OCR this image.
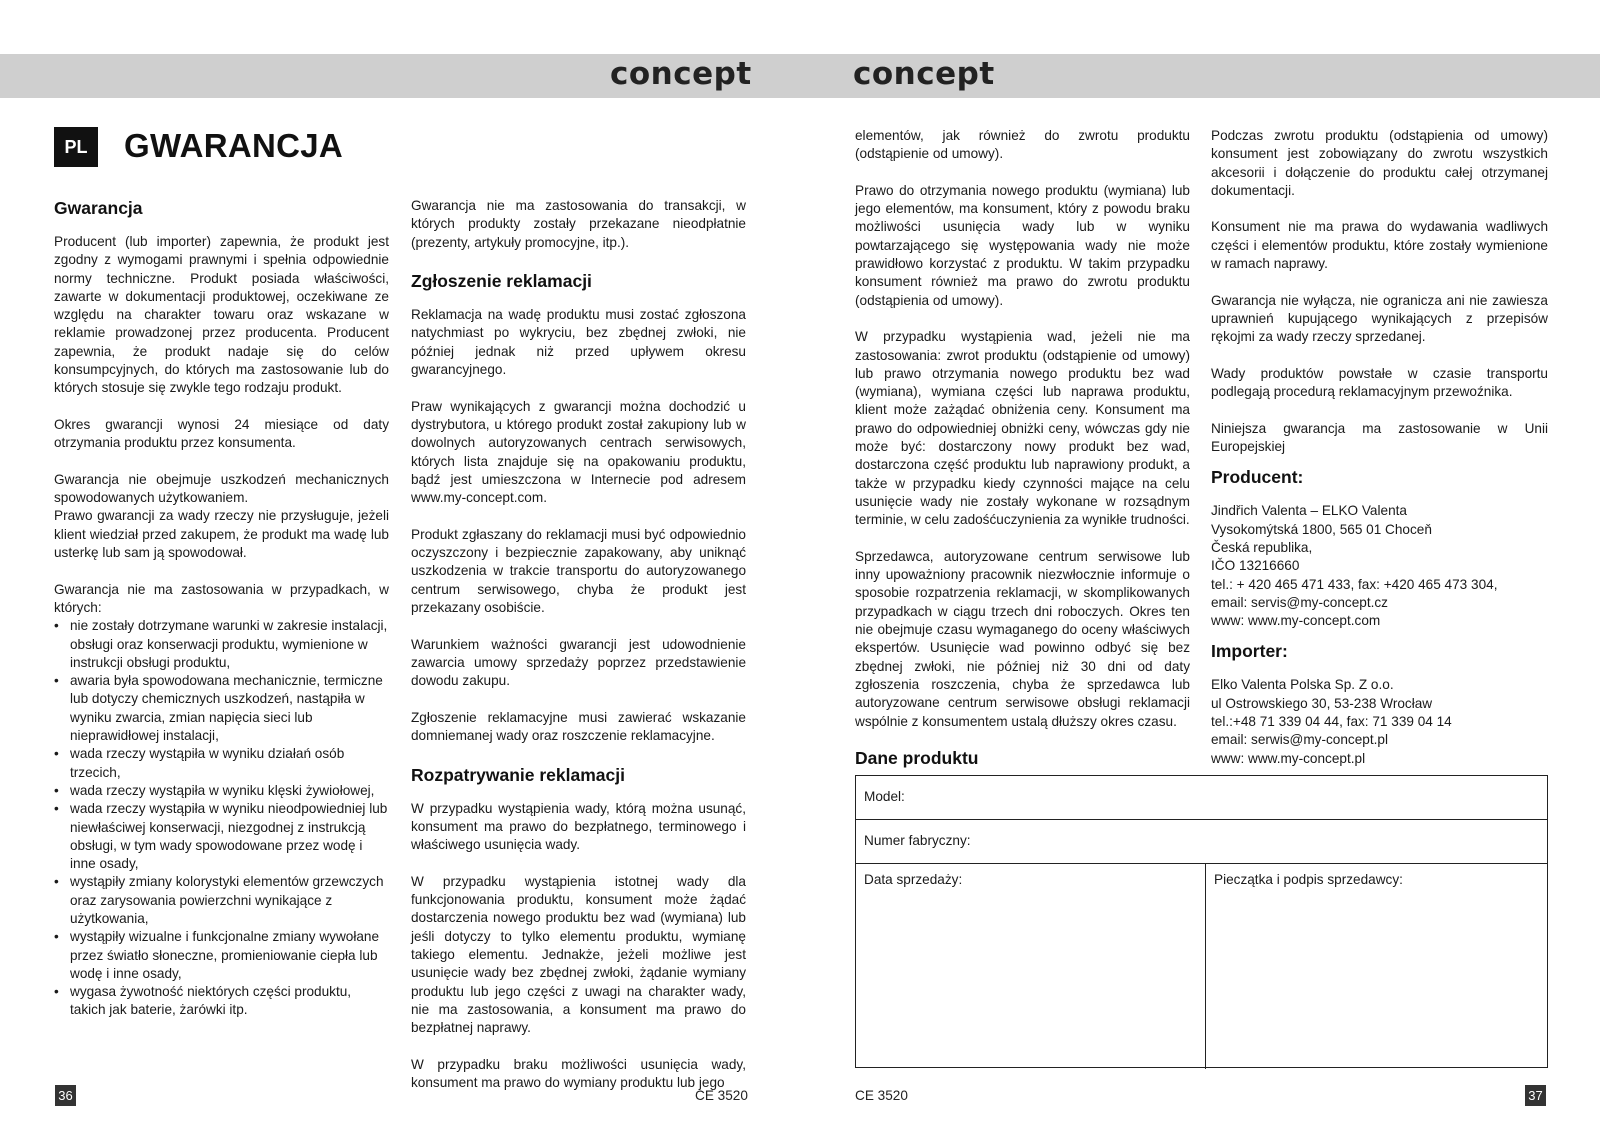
concept	concept
PL	GWARANCJA
Gwarancja

Producent (lub importer) zapewnia, że produkt jest zgodny z wymogami prawnymi i spełnia odpowiednie normy techniczne. Produkt posiada właściwości, zawarte w dokumentacji produktowej, oczekiwane ze względu na charakter towaru oraz wskazane w reklamie prowadzonej przez producenta. Producent zapewnia, że produkt nadaje się do celów konsumpcyjnych, do których ma zastosowanie lub do których stosuje się zwykle tego rodzaju produkt.

Okres gwarancji wynosi 24 miesiące od daty otrzymania produktu przez konsumenta.

Gwarancja nie obejmuje uszkodzeń mechanicznych spowodowanych użytkowaniem.

Prawo gwarancji za wady rzeczy nie przysługuje, jeżeli klient wiedział przed zakupem, że produkt ma wadę lub usterkę lub sam ją spowodował.

Gwarancja nie ma zastosowania w przypadkach, w których:

• nie zostały dotrzymane warunki w zakresie instalacji, obsługi oraz konserwacji produktu, wymienione w instrukcji obsługi produktu,
• awaria była spowodowana mechanicznie, termiczne lub dotyczy chemicznych uszkodzeń, nastąpiła w wyniku zwarcia, zmian napięcia sieci lub nieprawidłowej instalacji,
• wada rzeczy wystąpiła w wyniku działań osób trzecich,
• wada rzeczy wystąpiła w wyniku klęski żywiołowej,
• wada rzeczy wystąpiła w wyniku nieodpowiedniej lub niewłaściwej konserwacji, niezgodnej z instrukcją obsługi, w tym wady spowodowane przez wodę i inne osady,
• wystąpiły zmiany kolorystyki elementów grzewczych oraz zarysowania powierzchni wynikające z użytkowania,
• wystąpiły wizualne i funkcjonalne zmiany wywołane przez światło słoneczne, promieniowanie ciepła lub wodę i inne osady,
• wygasa żywotność niektórych części produktu, takich jak baterie, żarówki itp.

Gwarancja nie ma zastosowania do transakcji, w których produkty zostały przekazane nieodpłatnie (prezenty, artykuły promocyjne, itp.).

Zgłoszenie reklamacji

Reklamacja na wadę produktu musi zostać zgłoszona natychmiast po wykryciu, bez zbędnej zwłoki, nie później jednak niż przed upływem okresu gwarancyjnego.

Praw wynikających z gwarancji można dochodzić u dystrybutora, u którego produkt został zakupiony lub w dowolnych autoryzowanych centrach serwisowych, których lista znajduje się na opakowaniu produktu, bądź jest umieszczona w Internecie pod adresem www.my-concept.com.

Produkt zgłaszany do reklamacji musi być odpowiednio oczyszczony i bezpiecznie zapakowany, aby uniknąć uszkodzenia w trakcie transportu do autoryzowanego centrum serwisowego, chyba że produkt jest przekazany osobiście.

Warunkiem ważności gwarancji jest udowodnienie zawarcia umowy sprzedaży poprzez przedstawienie dowodu zakupu.

Zgłoszenie reklamacyjne musi zawierać wskazanie domniemanej wady oraz roszczenie reklamacyjne.

Rozpatrywanie reklamacji

W przypadku wystąpienia wady, którą można usunąć, konsument ma prawo do bezpłatnego, terminowego i właściwego usunięcia wady.

W przypadku wystąpienia istotnej wady dla funkcjonowania produktu, konsument może żądać dostarczenia nowego produktu bez wad (wymiana) lub jeśli dotyczy to tylko elementu produktu, wymianę takiego elementu. Jednakże, jeżeli możliwe jest usunięcie wady bez zbędnej zwłoki, żądanie wymiany produktu lub jego części z uwagi na charakter wady, nie ma zastosowania, a konsument ma prawo do bezpłatnej naprawy.

W przypadku braku możliwości usunięcia wady, konsument ma prawo do wymiany produktu lub jego

elementów, jak również do zwrotu produktu (odstąpienie od umowy).

Prawo do otrzymania nowego produktu (wymiana) lub jego elementów, ma konsument, który z powodu braku możliwości usunięcia wady lub w wyniku powtarzającego się występowania wady nie może prawidłowo korzystać z produktu. W takim przypadku konsument również ma prawo do zwrotu produktu (odstąpienia od umowy).

W przypadku wystąpienia wad, jeżeli nie ma zastosowania: zwrot produktu (odstąpienie od umowy) lub prawo otrzymania nowego produktu bez wad (wymiana), wymiana części lub naprawa produktu, klient może zażądać obniżenia ceny. Konsument ma prawo do odpowiedniej obniżki ceny, wówczas gdy nie może być: dostarczony nowy produkt bez wad, dostarczona część produktu lub naprawiony produkt, a także w przypadku kiedy czynności mające na celu usunięcie wady nie zostały wykonane w rozsądnym terminie, w celu zadośćuczynienia za wynikłe trudności.

Sprzedawca, autoryzowane centrum serwisowe lub inny upoważniony pracownik niezwłocznie informuje o sposobie rozpatrzenia reklamacji, w skomplikowanych przypadkach w ciągu trzech dni roboczych. Okres ten nie obejmuje czasu wymaganego do oceny właściwych ekspertów. Usunięcie wad powinno odbyć się bez zbędnej zwłoki, nie później niż 30 dni od daty zgłoszenia roszczenia, chyba że sprzedawca lub autoryzowane centrum serwisowe obsługi reklamacji wspólnie z konsumentem ustalą dłuższy okres czasu.

Podczas zwrotu produktu (odstąpienia od umowy) konsument jest zobowiązany do zwrotu wszystkich akcesorii i dołączenie do produktu całej otrzymanej dokumentacji.

Konsument nie ma prawa do wydawania wadliwych części i elementów produktu, które zostały wymienione w ramach naprawy.

Gwarancja nie wyłącza, nie ogranicza ani nie zawiesza uprawnień kupującego wynikających z przepisów rękojmi za wady rzeczy sprzedanej.

Wady produktów powstałe w czasie transportu podlegają procedurą reklamacyjnym przewoźnika.

Niniejsza gwarancja ma zastosowanie w Unii Europejskiej

Producent:

Jindřich Valenta – ELKO Valenta

Vysokomýtská 1800, 565 01 Choceň

Česká republika,

IČO 13216660

tel.: + 420 465 471 433, fax: +420 465 473 304,

email: servis@my-concept.cz

www: www.my-concept.com

Importer:

Elko Valenta Polska Sp. Z o.o.

ul Ostrowskiego 30, 53-238 Wrocław

tel.:+48 71 339 04 44, fax: 71 339 04 14

email: serwis@my-concept.pl

www: www.my-concept.pl

Dane produktu
Model:
Numer fabryczny:
Data sprzedaży:	Pieczątka i podpis sprzedawcy:
36	CE 3520	CE 3520	37
